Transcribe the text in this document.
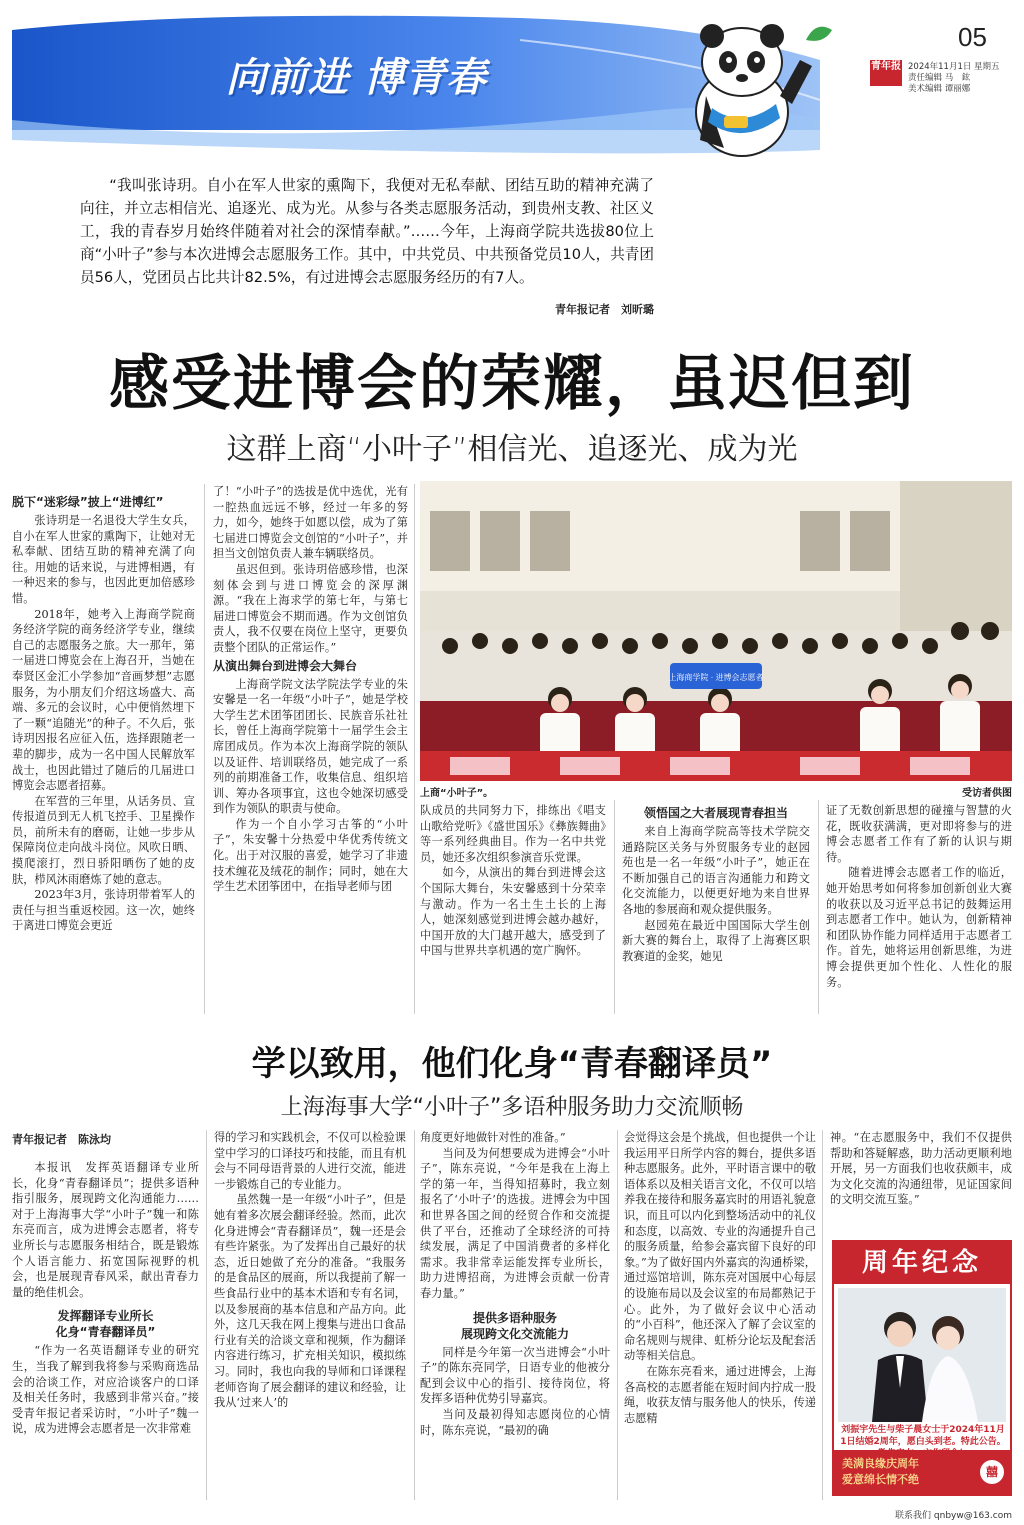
向前进 博青春
05
青年报 2024年11月1日 星期五
责任编辑 马　鈜
美术编辑 谭丽娜

“我叫张诗玥。自小在军人世家的熏陶下，我便对无私奉献、团结互助的精神充满了向往，并立志相信光、追逐光、成为光。从参与各类志愿服务活动，到贵州支教、社区义工，我的青春岁月始终伴随着对社会的深情奉献。”……今年，上海商学院共选拔80位上商“小叶子”参与本次进博会志愿服务工作。其中，中共党员、中共预备党员10人，共青团员56人，党团员占比共计82.5%，有过进博会志愿服务经历的有7人。

青年报记者　刘昕璐
感受进博会的荣耀，虽迟但到
这群上商“小叶子”相信光、追逐光、成为光
脱下“迷彩绿”披上“进博红”

张诗玥是一名退役大学生女兵，自小在军人世家的熏陶下，让她对无私奉献、团结互助的精神充满了向往。用她的话来说，与进博相遇，有一种迟来的参与，也因此更加倍感珍惜。

2018年，她考入上海商学院商务经济学院的商务经济学专业，继续自己的志愿服务之旅。大一那年，第一届进口博览会在上海召开，当她在奉贤区金汇小学参加“音画梦想”志愿服务，为小朋友们介绍这场盛大、高端、多元的会议时，心中便悄然埋下了一颗“追随光”的种子。不久后，张诗玥因报名应征入伍，选择跟随老一辈的脚步，成为一名中国人民解放军战士，也因此错过了随后的几届进口博览会志愿者招募。

在军营的三年里，从话务员、宣传报道员到无人机飞控手、卫星操作员，前所未有的磨砺，让她一步步从保障岗位走向战斗岗位。风吹日晒、摸爬滚打，烈日骄阳晒伤了她的皮肤，栉风沐雨磨炼了她的意志。

2023年3月，张诗玥带着军人的责任与担当重返校园。这一次，她终于离进口博览会更近

了！“小叶子”的选拔是优中选优，光有一腔热血远远不够，经过一年多的努力，如今，她终于如愿以偿，成为了第七届进口博览会文创馆的“小叶子”，并担当文创馆负责人兼车辆联络员。

虽迟但到。张诗玥倍感珍惜，也深刻体会到与进口博览会的深厚渊源。“我在上海求学的第七年，与第七届进口博览会不期而遇。作为文创馆负责人，我不仅要在岗位上坚守，更要负责整个团队的正常运作。”

从演出舞台到进博会大舞台

上海商学院文法学院法学专业的朱安馨是一名一年级“小叶子”，她是学校大学生艺术团筝团团长、民族音乐社社长，曾任上海商学院第十一届学生会主席团成员。作为本次上海商学院的领队以及证件、培训联络员，她完成了一系列的前期准备工作，收集信息、组织培训、筹办各项事宜，这也令她深切感受到作为领队的职责与使命。

作为一个自小学习古筝的“小叶子”，朱安馨十分热爱中华优秀传统文化。出于对汉服的喜爱，她学习了非遗技术缠花及绒花的制作；同时，她在大学生艺术团筝团中，在指导老师与团

上海商学院 · 进博会志愿者
上商“小叶子”。	受访者供图

队成员的共同努力下，排练出《唱支山歌给党听》《盛世国乐》《彝族舞曲》等一系列经典曲目。作为一名中共党员，她还多次组织参演音乐党课。

如今，从演出的舞台到进博会这个国际大舞台，朱安馨感到十分荣幸与激动。作为一名土生土长的上海人，她深刻感觉到进博会越办越好，中国开放的大门越开越大，感受到了中国与世界共享机遇的宽广胸怀。

领悟国之大者展现青春担当

来自上海商学院高等技术学院交通路院区关务与外贸服务专业的赵园苑也是一名一年级“小叶子”，她正在不断加强自己的语言沟通能力和跨文化交流能力，以便更好地为来自世界各地的参展商和观众提供服务。

赵园苑在最近中国国际大学生创新大赛的舞台上，取得了上海赛区职教赛道的金奖，她见

证了无数创新思想的碰撞与智慧的火花，既收获满满，更对即将参与的进博会志愿者工作有了新的认识与期待。

随着进博会志愿者工作的临近，她开始思考如何将参加创新创业大赛的收获以及习近平总书记的鼓舞运用到志愿者工作中。她认为，创新精神和团队协作能力同样适用于志愿者工作。首先，她将运用创新思维，为进博会提供更加个性化、人性化的服务。

学以致用，他们化身“青春翻译员”
上海海事大学“小叶子”多语种服务助力交流顺畅
青年报记者　陈泳均

本报讯　发挥英语翻译专业所长，化身“青春翻译员”；提供多语种指引服务，展现跨文化沟通能力……对于上海海事大学“小叶子”魏一和陈东亮而言，成为进博会志愿者，将专业所长与志愿服务相结合，既是锻炼个人语言能力、拓宽国际视野的机会，也是展现青春风采，献出青春力量的绝佳机会。

发挥翻译专业所长
化身“青春翻译员”

“作为一名英语翻译专业的研究生，当我了解到我将参与采购商选品会的洽谈工作，对应洽谈客户的口译及相关任务时，我感到非常兴奋。”接受青年报记者采访时，“小叶子”魏一说，成为进博会志愿者是一次非常难

得的学习和实践机会，不仅可以检验课堂中学习的口译技巧和技能，而且有机会与不同母语背景的人进行交流，能进一步锻炼自己的专业能力。

虽然魏一是一年级“小叶子”，但是她有着多次展会翻译经验。然而，此次化身进博会“青春翻译员”，魏一还是会有些许紧张。为了发挥出自己最好的状态，近日她做了充分的准备。“我服务的是食品区的展商，所以我提前了解一些食品行业中的基本术语和专有名词，以及参展商的基本信息和产品方向。此外，这几天我在网上搜集与进出口食品行业有关的洽谈文章和视频，作为翻译内容进行练习，扩充相关知识，模拟练习。同时，我也向我的导师和口译课程老师咨询了展会翻译的建议和经验，让我从‘过来人’的

角度更好地做针对性的准备。”

当问及为何想要成为进博会“小叶子”，陈东亮说，“今年是我在上海上学的第一年，当得知招募时，我立刻报名了‘小叶子’的选拔。进博会为中国和世界各国之间的经贸合作和交流提供了平台，还推动了全球经济的可持续发展，满足了中国消费者的多样化需求。我非常幸运能发挥专业所长，助力进博招商，为进博会贡献一份青春力量。”

提供多语种服务
展现跨文化交流能力

同样是今年第一次当进博会“小叶子”的陈东亮同学，日语专业的他被分配到会议中心的指引、接待岗位，将发挥多语种优势引导嘉宾。

当问及最初得知志愿岗位的心情时，陈东亮说，“最初的确

会觉得这会是个挑战，但也提供一个让我运用平日所学内容的舞台，提供多语种志愿服务。此外，平时语言课中的敬语体系以及相关语言文化，不仅可以培养我在接待和服务嘉宾时的用语礼貌意识，而且可以内化到整场活动中的礼仪和态度，以高效、专业的沟通提升自己的服务质量，给参会嘉宾留下良好的印象。”为了做好国内外嘉宾的沟通桥梁，通过巡馆培训，陈东亮对国展中心每层的设施布局以及会议室的布局都熟记于心。此外，为了做好会议中心活动的“小百科”，他还深入了解了会议室的命名规则与规律、虹桥分论坛及配套活动等相关信息。

在陈东亮看来，通过进博会，上海各高校的志愿者能在短时间内拧成一股绳，收获友情与服务他人的快乐，传递志愿精

神。“在志愿服务中，我们不仅提供帮助和答疑解惑，助力活动更顺利地开展，另一方面我们也收获颇丰，成为文化交流的沟通纽带，见证国家间的文明交流互鉴。”

周年纪念
刘振宇先生与柴子晨女士于2024年11月1日结婚2周年，愿白头到老。特此公告。
美满良缘庆周年
爱意绵长情不绝
囍
联系我们 qnbyw@163.com
